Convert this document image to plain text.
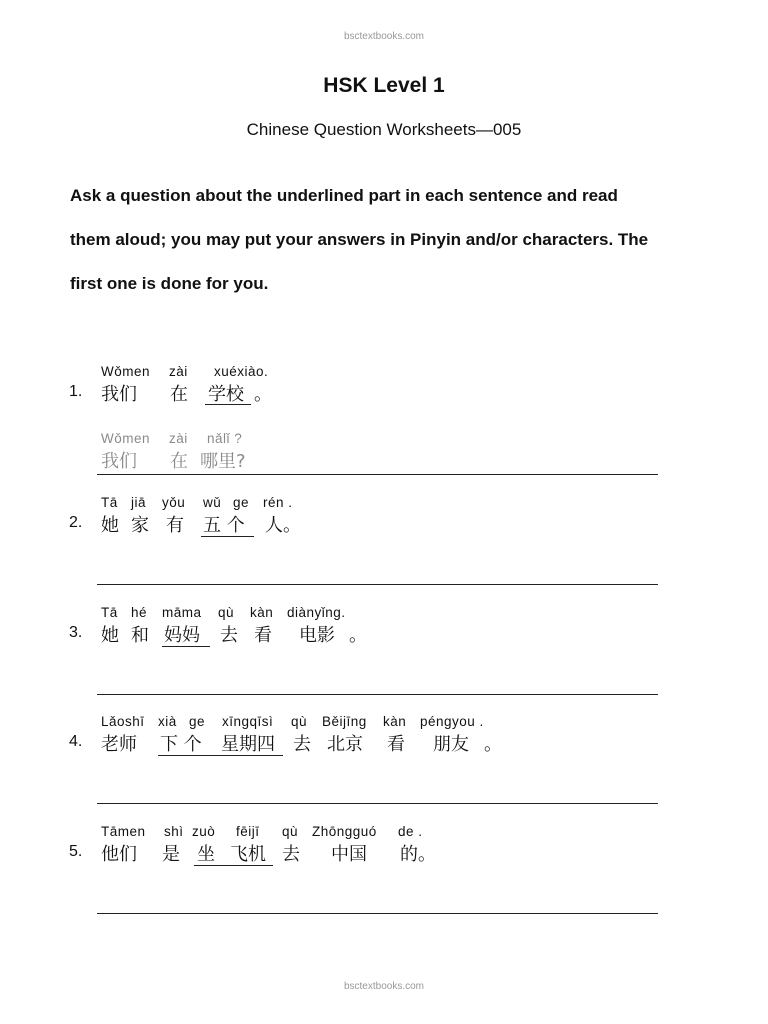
bsctextbooks.com
HSK Level 1
Chinese Question Worksheets—005
Ask a question about the underlined part in each sentence and read
them aloud; you may put your answers in Pinyin and/or characters. The
first one is done for you.
1.
Wǒmen zài xuéxiào.
我们 在 学校 。
Wǒmen zài nǎlǐ ?
我们 在 哪里?
2.
Tā jiā yǒu wǔ ge rén .
她 家 有 五 个 人。
3.
Tā hé māma qù kàn diànyǐng.
她 和 妈妈 去 看 电影 。
4.
Lǎoshī xià ge xīngqīsì qù Běijīng kàn péngyou .
老师 下 个 星期四 去 北京 看 朋友 。
5.
Tāmen shì zuò fēijī qù Zhōngguó de .
他们 是 坐 飞机 去 中国 的。
bsctextbooks.com
